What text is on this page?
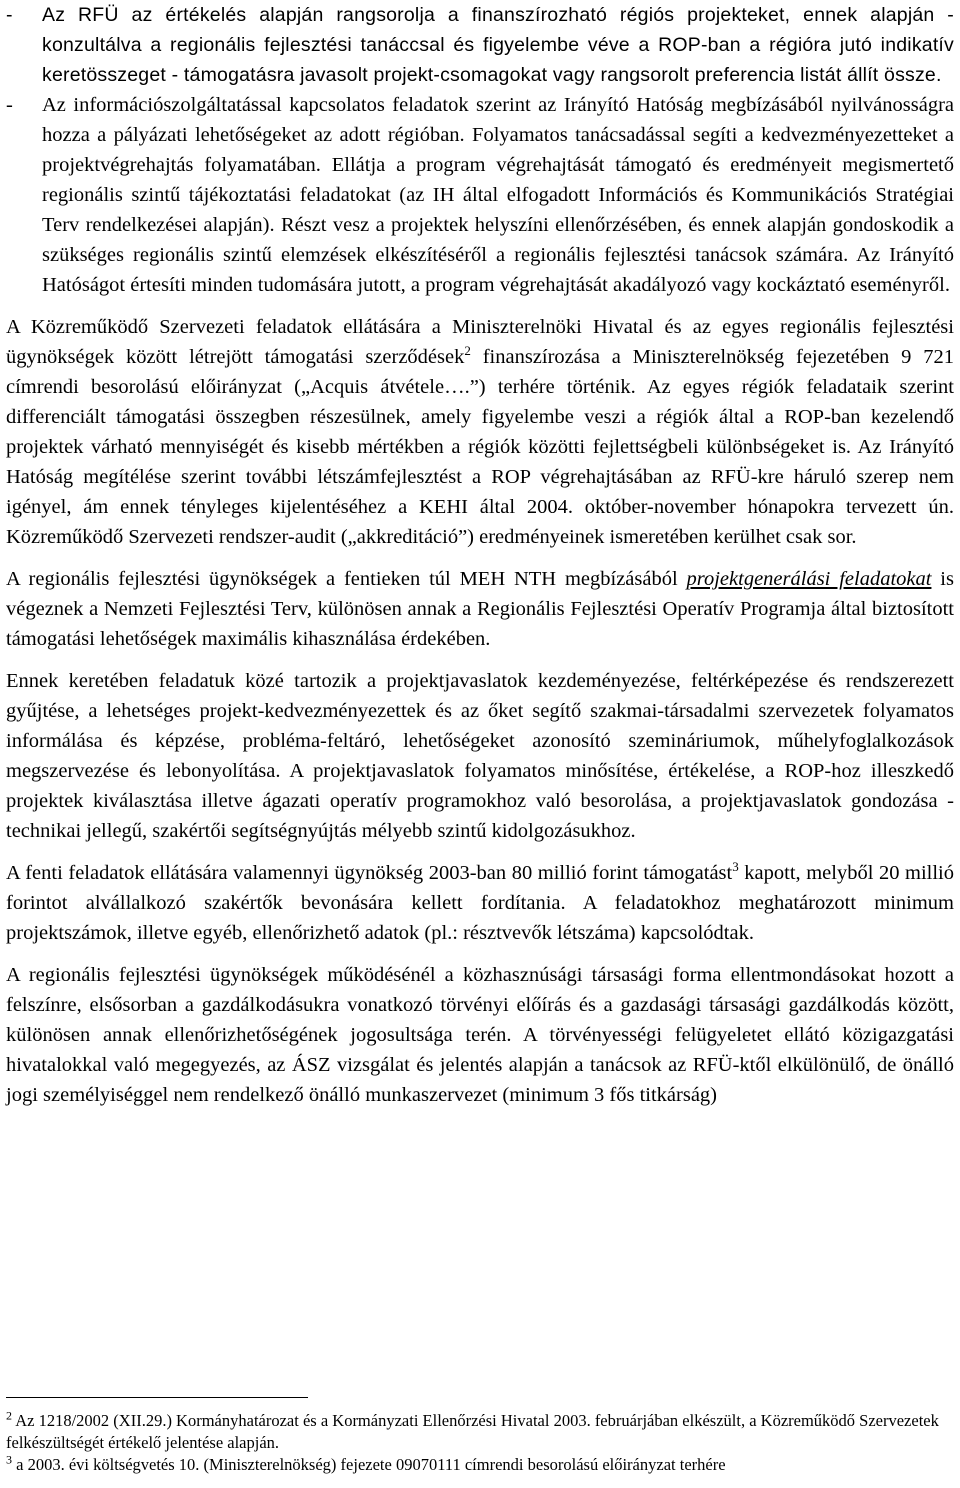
- Az RFÜ az értékelés alapján rangsorolja a finanszírozható régiós projekteket, ennek alapján - konzultálva a regionális fejlesztési tanáccsal és figyelembe véve a ROP-ban a régióra jutó indikatív keretösszeget - támogatásra javasolt projekt-csomagokat vagy rangsorolt preferencia listát állít össze.

- Az információszolgáltatással kapcsolatos feladatok szerint az Irányító Hatóság megbízásából nyilvánosságra hozza a pályázati lehetőségeket az adott régióban. Folyamatos tanácsadással segíti a kedvezményezetteket a projektvégrehajtás folyamatában. Ellátja a program végrehajtását támogató és eredményeit megismertető regionális szintű tájékoztatási feladatokat (az IH által elfogadott Információs és Kommunikációs Stratégiai Terv rendelkezései alapján). Részt vesz a projektek helyszíni ellenőrzésében, és ennek alapján gondoskodik a szükséges regionális szintű elemzések elkészítéséről a regionális fejlesztési tanácsok számára. Az Irányító Hatóságot értesíti minden tudomására jutott, a program végrehajtását akadályozó vagy kockáztató eseményről.

A Közreműködő Szervezeti feladatok ellátására a Miniszterelnöki Hivatal és az egyes regionális fejlesztési ügynökségek között létrejött támogatási szerződések$^2$ finanszírozása a Miniszterelnökség fejezetében 9 721 címrendi besorolású előirányzat („Acquis átvétele….”) terhére történik. Az egyes régiók feladataik szerint differenciált támogatási összegben részesülnek, amely figyelembe veszi a régiók által a ROP-ban kezelendő projektek várható mennyiségét és kisebb mértékben a régiók közötti fejlettségbeli különbségeket is. Az Irányító Hatóság megítélése szerint további létszámfejlesztést a ROP végrehajtásában az RFÜ-kre háruló szerep nem igényel, ám ennek tényleges kijelentéséhez a KEHI által 2004. október-november hónapokra tervezett ún. Közreműködő Szervezeti rendszer-audit („akkreditáció”) eredményeinek ismeretében kerülhet csak sor.

A regionális fejlesztési ügynökségek a fentieken túl MEH NTH megbízásából projektgenerálási feladatokat is végeznek a Nemzeti Fejlesztési Terv, különösen annak a Regionális Fejlesztési Operatív Programja által biztosított támogatási lehetőségek maximális kihasználása érdekében.

Ennek keretében feladatuk közé tartozik a projektjavaslatok kezdeményezése, feltérképezése és rendszerezett gyűjtése, a lehetséges projekt-kedvezményezettek és az őket segítő szakmai-társadalmi szervezetek folyamatos informálása és képzése, probléma-feltáró, lehetőségeket azonosító szemináriumok, műhelyfoglalkozások megszervezése és lebonyolítása. A projektjavaslatok folyamatos minősítése, értékelése, a ROP-hoz illeszkedő projektek kiválasztása illetve ágazati operatív programokhoz való besorolása, a projektjavaslatok gondozása - technikai jellegű, szakértői segítségnyújtás mélyebb szintű kidolgozásukhoz.

A fenti feladatok ellátására valamennyi ügynökség 2003-ban 80 millió forint támogatást$^3$ kapott, melyből 20 millió forintot alvállalkozó szakértők bevonására kellett fordítania. A feladatokhoz meghatározott minimum projektszámok, illetve egyéb, ellenőrizhető adatok (pl.: résztvevők létszáma) kapcsolódtak.

A regionális fejlesztési ügynökségek működésénél a közhasznúsági társasági forma ellentmondásokat hozott a felszínre, elsősorban a gazdálkodásukra vonatkozó törvényi előírás és a gazdasági társasági gazdálkodás között, különösen annak ellenőrizhetőségének jogosultsága terén. A törvényességi felügyeletet ellátó közigazgatási hivatalokkal való megegyezés, az ÁSZ vizsgálat és jelentés alapján a tanácsok az RFÜ-ktől elkülönülő, de önálló jogi személyiséggel nem rendelkező önálló munkaszervezet (minimum 3 fős titkárság)

$^2$ Az 1218/2002 (XII.29.) Kormányhatározat és a Kormányzati Ellenőrzési Hivatal 2003. februárjában elkészült, a Közreműködő Szervezetek felkészültségét értékelő jelentése alapján.

$^3$ a 2003. évi költségvetés 10. (Miniszterelnökség) fejezete 09070111 címrendi besorolású előirányzat terhére
